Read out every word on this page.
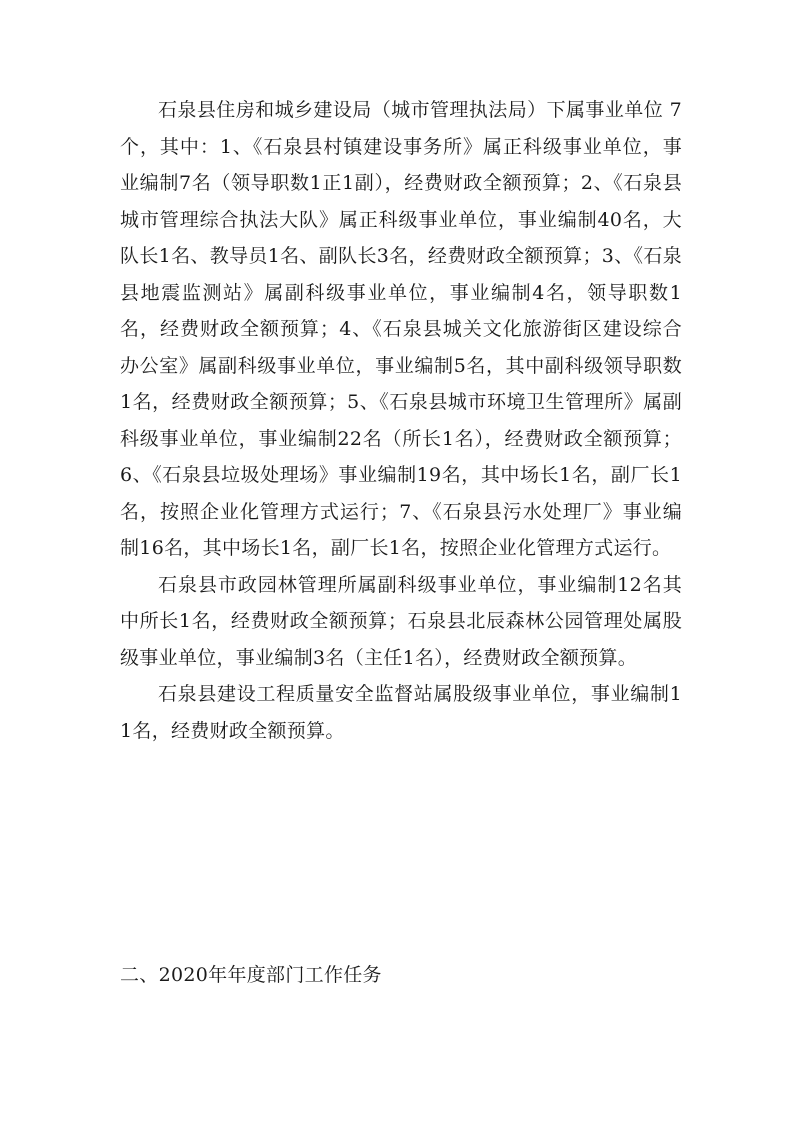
石泉县住房和城乡建设局（城市管理执法局）下属事业单位 7个，其中：1、《石泉县村镇建设事务所》属正科级事业单位，事业编制7名（领导职数1正1副），经费财政全额预算；2、《石泉县城市管理综合执法大队》属正科级事业单位，事业编制40名，大队长1名、教导员1名、副队长3名，经费财政全额预算；3、《石泉县地震监测站》属副科级事业单位，事业编制4名，领导职数1名，经费财政全额预算；4、《石泉县城关文化旅游街区建设综合办公室》属副科级事业单位，事业编制5名，其中副科级领导职数1名，经费财政全额预算；5、《石泉县城市环境卫生管理所》属副科级事业单位，事业编制22名（所长1名），经费财政全额预算；6、《石泉县垃圾处理场》事业编制19名，其中场长1名，副厂长1名，按照企业化管理方式运行；7、《石泉县污水处理厂》事业编制16名，其中场长1名，副厂长1名，按照企业化管理方式运行。

石泉县市政园林管理所属副科级事业单位，事业编制12名其中所长1名，经费财政全额预算；石泉县北辰森林公园管理处属股级事业单位，事业编制3名（主任1名），经费财政全额预算。

石泉县建设工程质量安全监督站属股级事业单位，事业编制11名，经费财政全额预算。

二、2020年年度部门工作任务
